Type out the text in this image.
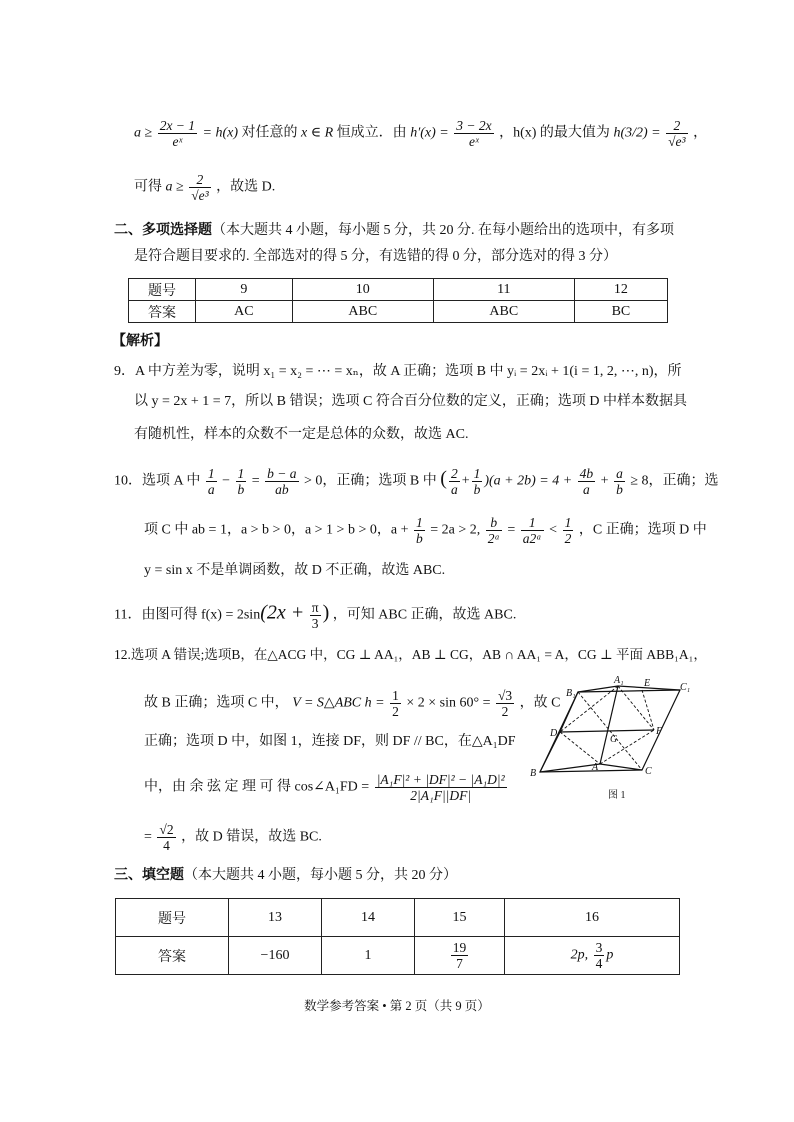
$a \ge \frac{2x - 1}{\text{eˣ}} = h(x)$ 对任意的 x ∈ R 恒成立．由 $h'(x) = \frac{3 - 2x}{\text{eˣ}}$ ，h(x) 的最大值为 $h(3/2) = \frac{2}{\text{√e³}}$ ，
可得 $a \ge \frac{2}{\text{√e³}}$ ，故选 D.
二、多项选择题（本大题共 4 小题，每小题 5 分，共 20 分. 在每小题给出的选项中，有多项
是符合题目要求的. 全部选对的得 5 分，有选错的得 0 分，部分选对的得 3 分）
题号	9	10	11	12
答案	AC	ABC	ABC	BC
【解析】
9．A 中方差为零，说明 x₁ = x₂ = ⋯ = xₙ，故 A 正确；选项 B 中 yᵢ = 2xᵢ + 1(i = 1, 2, ⋯, n)，所
以 y = 2x + 1 = 7，所以 B 错误；选项 C 符合百分位数的定义，正确；选项 D 中样本数据具
有随机性，样本的众数不一定是总体的众数，故选 AC.
10．选项 A 中 $\frac{1}{a} - \frac{1}{b} = \frac{b - a}{ab} > 0$，正确；选项 B 中 ( $\frac{2}{a} + \frac{1}{b} )(a + 2b) = 4 + \frac{4b}{a} + \frac{a}{b} \ge 8$，正确；选
项 C 中 ab = 1，a > b > 0，a > 1 > b > 0，$a + \frac{1}{b} = 2a > 2$, $\frac{b}{\text{2ᵃ}} = \frac{1}{\text{a2ᵃ}} < \frac{1}{2}$ ，C 正确；选项 D 中
y = sin x 不是单调函数，故 D 不正确，故选 ABC.
11．由图可得 $f(x) = 2\sin(2x + \frac{\pi}{3}$ ) ，可知 ABC 正确，故选 ABC.
12.选项 A 错误;选项B，在△ACG 中，CG ⊥ AA₁，AB ⊥ CG，AB ∩ AA₁ = A，CG ⊥ 平面 ABB₁A₁，
故 B 正确；选项 C 中， V = S△ABC $h = \frac{1}{2} \times 2 \times \sin 60^\circ = \frac{√3}{2}$ ，故 C
正确；选项 D 中，如图 1，连接 DF，则 DF // BC，在△A₁DF
中，由 余 弦 定 理 可 得 cos∠A₁FD = $\frac{\text{|A₁F|² + |DF|² − |A₁D|²}}{\text{2|A₁F||DF|}}$
= $\frac{√2}{4}$ ，故 D 错误，故选 BC.
B₁
A₁ E	C₁
D
G
F
B
A	C
图 1
三、填空题（本大题共 4 小题，每小题 5 分，共 20 分）
题号	13	14	15	16
答案	−160	1	$\frac{19}{7}$	2p, $\frac{3}{4}$ p
数学参考答案 • 第 2 页（共 9 页）
